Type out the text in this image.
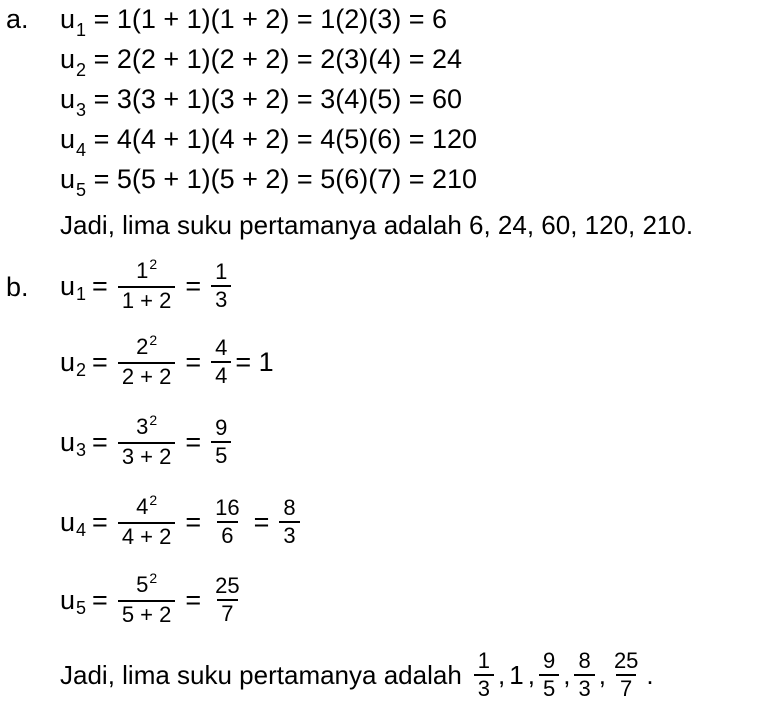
a. $u_1 = 1(1 + 1)(1 + 2) = 1(2)(3) = 6$
$u_2 = 2(2 + 1)(2 + 2) = 2(3)(4) = 24$
$u_3 = 3(3 + 1)(3 + 2) = 3(4)(5) = 60$
$u_4 = 4(4 + 1)(4 + 2) = 4(5)(6) = 120$
$u_5 = 5(5 + 1)(5 + 2) = 5(6)(7) = 210$
Jadi, lima suku pertamanya adalah 6, 24, 60, 120, 210.
b. u $1 = \frac{1^2}{1 + 2} = \frac{1}{3}$
u $2 = \frac{2^2}{2 + 2} = \frac{4}{4} = 1$
u $3 = \frac{3^2}{3 + 2} = \frac{9}{5}$
u $4 = \frac{4^2}{4 + 2} = \frac{16}{6} = \frac{8}{3}$
u $5 = \frac{5^2}{5 + 2} = \frac{25}{7}$
Jadi, lima suku pertamanya adalah $\frac{1}{3}$ , 1 , $\frac{9}{5}$ , $\frac{8}{3}$ , $\frac{25}{7}$ .
